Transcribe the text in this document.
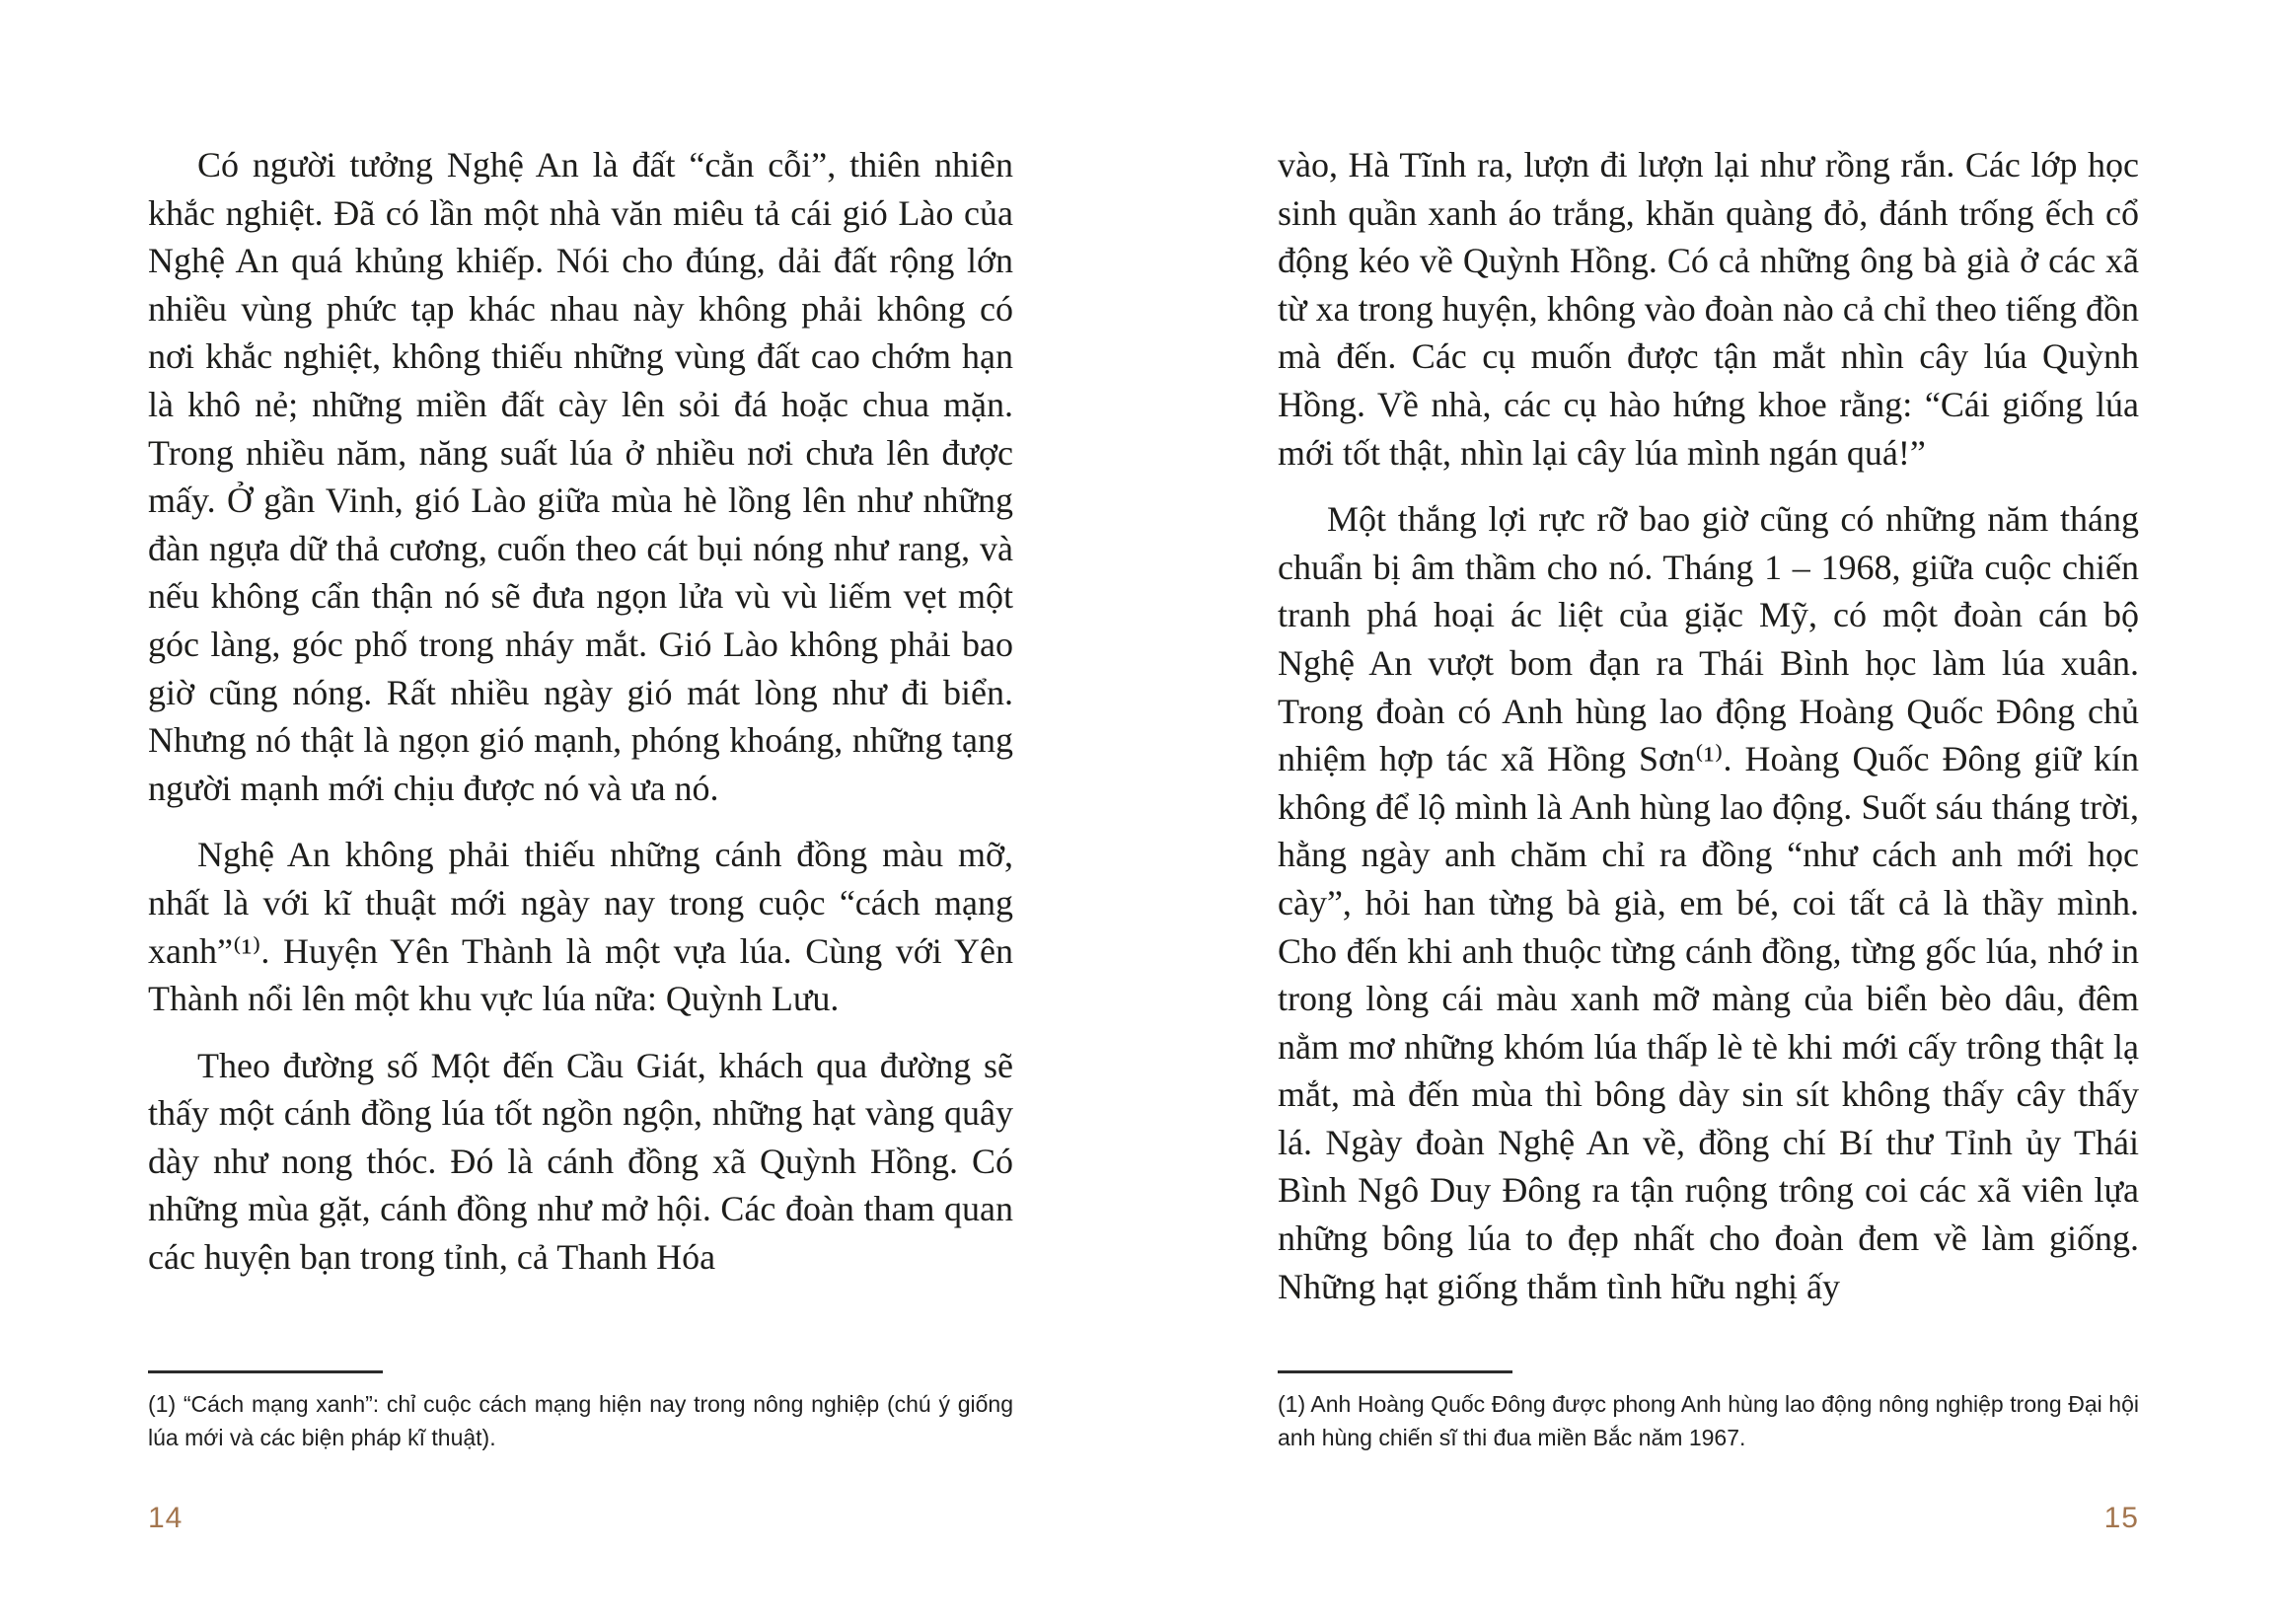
Có người tưởng Nghệ An là đất “cằn cỗi”, thiên nhiên khắc nghiệt. Đã có lần một nhà văn miêu tả cái gió Lào của Nghệ An quá khủng khiếp. Nói cho đúng, dải đất rộng lớn nhiều vùng phức tạp khác nhau này không phải không có nơi khắc nghiệt, không thiếu những vùng đất cao chớm hạn là khô nẻ; những miền đất cày lên sỏi đá hoặc chua mặn. Trong nhiều năm, năng suất lúa ở nhiều nơi chưa lên được mấy. Ở gần Vinh, gió Lào giữa mùa hè lồng lên như những đàn ngựa dữ thả cương, cuốn theo cát bụi nóng như rang, và nếu không cẩn thận nó sẽ đưa ngọn lửa vù vù liếm vẹt một góc làng, góc phố trong nháy mắt. Gió Lào không phải bao giờ cũng nóng. Rất nhiều ngày gió mát lòng như đi biển. Nhưng nó thật là ngọn gió mạnh, phóng khoáng, những tạng người mạnh mới chịu được nó và ưa nó.

Nghệ An không phải thiếu những cánh đồng màu mỡ, nhất là với kĩ thuật mới ngày nay trong cuộc “cách mạng xanh”⁽¹⁾. Huyện Yên Thành là một vựa lúa. Cùng với Yên Thành nổi lên một khu vực lúa nữa: Quỳnh Lưu.

Theo đường số Một đến Cầu Giát, khách qua đường sẽ thấy một cánh đồng lúa tốt ngồn ngộn, những hạt vàng quây dày như nong thóc. Đó là cánh đồng xã Quỳnh Hồng. Có những mùa gặt, cánh đồng như mở hội. Các đoàn tham quan các huyện bạn trong tỉnh, cả Thanh Hóa

(1) “Cách mạng xanh”: chỉ cuộc cách mạng hiện nay trong nông nghiệp (chú ý giống lúa mới và các biện pháp kĩ thuật).

14

vào, Hà Tĩnh ra, lượn đi lượn lại như rồng rắn. Các lớp học sinh quần xanh áo trắng, khăn quàng đỏ, đánh trống ếch cổ động kéo về Quỳnh Hồng. Có cả những ông bà già ở các xã từ xa trong huyện, không vào đoàn nào cả chỉ theo tiếng đồn mà đến. Các cụ muốn được tận mắt nhìn cây lúa Quỳnh Hồng. Về nhà, các cụ hào hứng khoe rằng: “Cái giống lúa mới tốt thật, nhìn lại cây lúa mình ngán quá!”

Một thắng lợi rực rỡ bao giờ cũng có những năm tháng chuẩn bị âm thầm cho nó. Tháng 1 – 1968, giữa cuộc chiến tranh phá hoại ác liệt của giặc Mỹ, có một đoàn cán bộ Nghệ An vượt bom đạn ra Thái Bình học làm lúa xuân. Trong đoàn có Anh hùng lao động Hoàng Quốc Đông chủ nhiệm hợp tác xã Hồng Sơn⁽¹⁾. Hoàng Quốc Đông giữ kín không để lộ mình là Anh hùng lao động. Suốt sáu tháng trời, hằng ngày anh chăm chỉ ra đồng “như cách anh mới học cày”, hỏi han từng bà già, em bé, coi tất cả là thầy mình. Cho đến khi anh thuộc từng cánh đồng, từng gốc lúa, nhớ in trong lòng cái màu xanh mỡ màng của biển bèo dâu, đêm nằm mơ những khóm lúa thấp lè tè khi mới cấy trông thật lạ mắt, mà đến mùa thì bông dày sin sít không thấy cây thấy lá. Ngày đoàn Nghệ An về, đồng chí Bí thư Tỉnh ủy Thái Bình Ngô Duy Đông ra tận ruộng trông coi các xã viên lựa những bông lúa to đẹp nhất cho đoàn đem về làm giống. Những hạt giống thắm tình hữu nghị ấy

(1) Anh Hoàng Quốc Đông được phong Anh hùng lao động nông nghiệp trong Đại hội anh hùng chiến sĩ thi đua miền Bắc năm 1967.

15
